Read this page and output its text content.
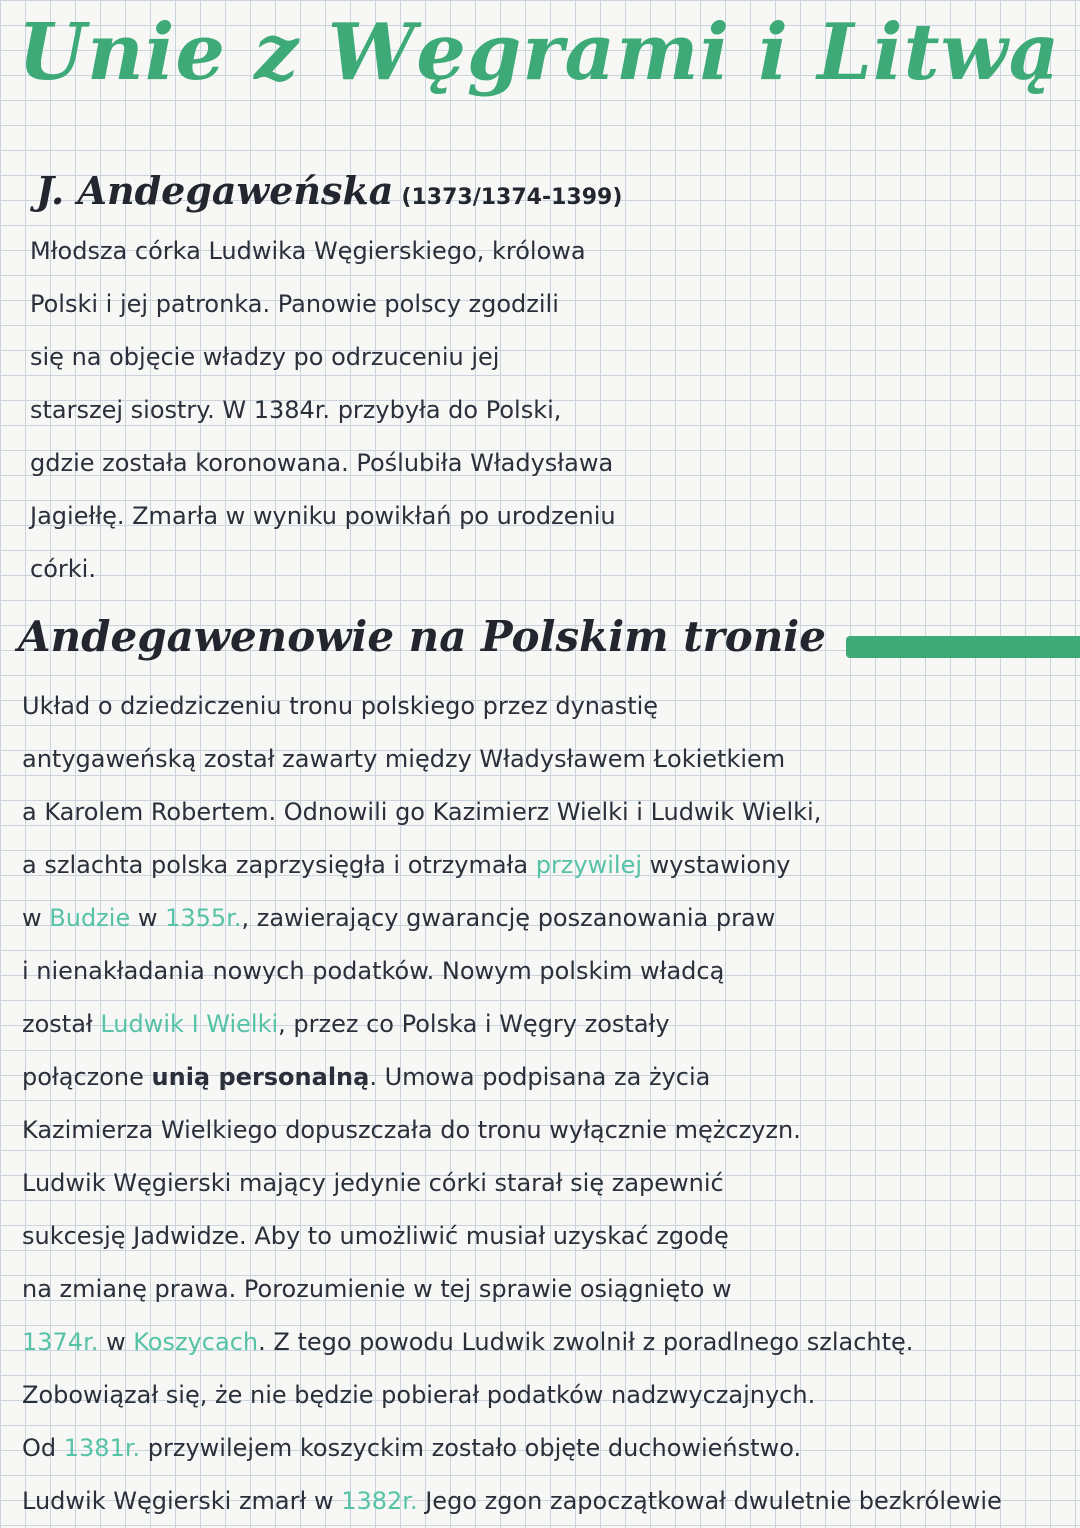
Unie z Węgrami i Litwą
J. Andegaweńska (1373/1374-1399)

Młodsza córka Ludwika Węgierskiego, królowa
Polski i jej patronka. Panowie polscy zgodzili
się na objęcie władzy po odrzuceniu jej
starszej siostry. W 1384r. przybyła do Polski,
gdzie została koronowana. Poślubiła Władysława
Jagiełłę. Zmarła w wyniku powikłań po urodzeniu
córki.

Andegawenowie na Polskim tronie

Układ o dziedziczeniu tronu polskiego przez dynastię
antygaweńską został zawarty między Władysławem Łokietkiem
a Karolem Robertem. Odnowili go Kazimierz Wielki i Ludwik Wielki,
a szlachta polska zaprzysięgła i otrzymała przywilej wystawiony
w Budzie w 1355r., zawierający gwarancję poszanowania praw
i nienakładania nowych podatków. Nowym polskim władcą
został Ludwik I Wielki, przez co Polska i Węgry zostały
połączone unią personalną. Umowa podpisana za życia
Kazimierza Wielkiego dopuszczała do tronu wyłącznie mężczyzn.
Ludwik Węgierski mający jedynie córki starał się zapewnić
sukcesję Jadwidze. Aby to umożliwić musiał uzyskać zgodę
na zmianę prawa. Porozumienie w tej sprawie osiągnięto w
1374r. w Koszycach. Z tego powodu Ludwik zwolnił z poradlnego szlachtę.
Zobowiązał się, że nie będzie pobierał podatków nadzwyczajnych.
Od 1381r. przywilejem koszyckim zostało objęte duchowieństwo.
Ludwik Węgierski zmarł w 1382r. Jego zgon zapoczątkował dwuletnie bezkrólewie
